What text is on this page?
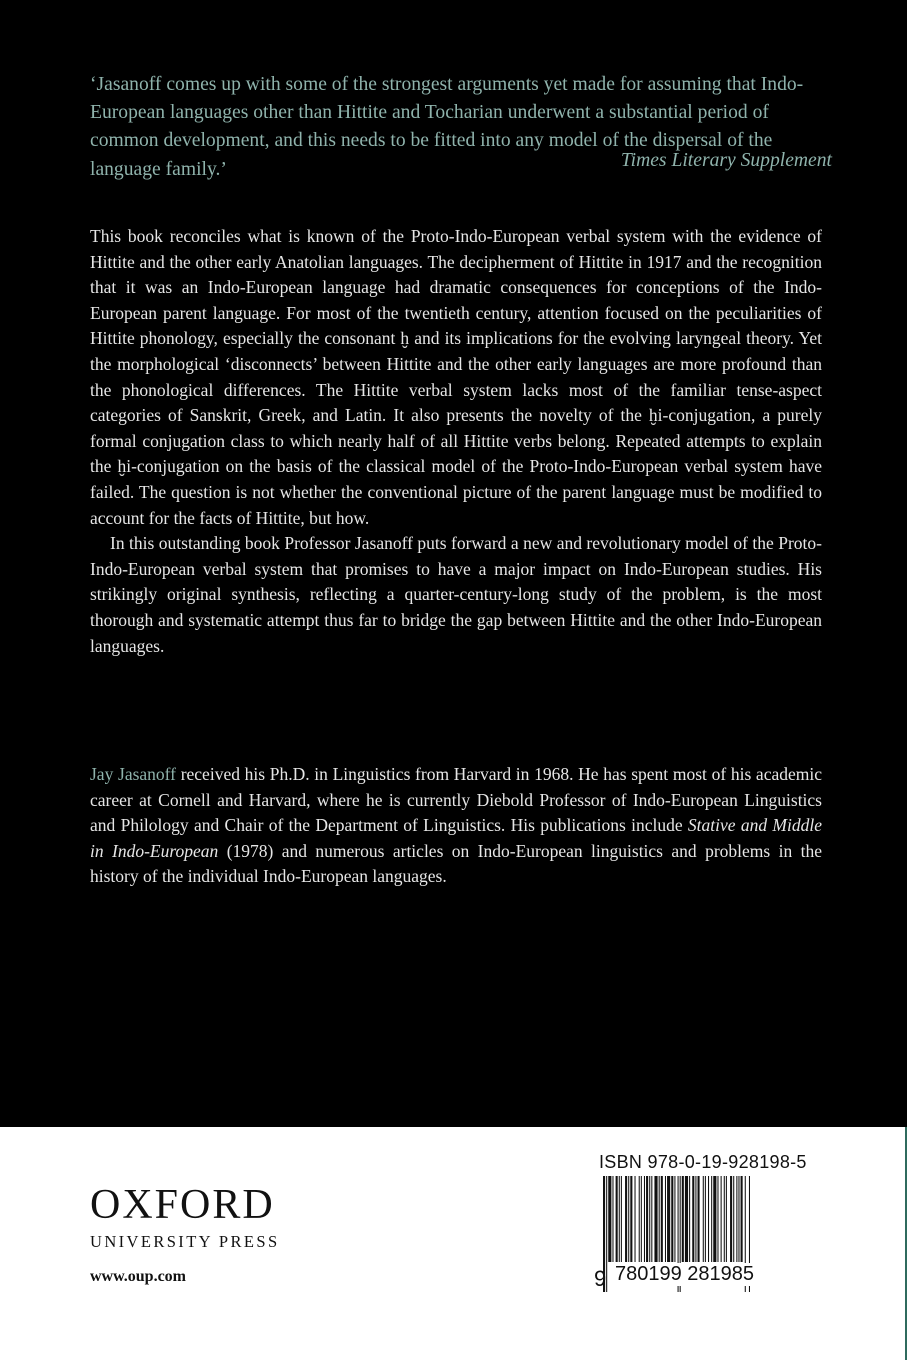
‘Jasanoff comes up with some of the strongest arguments yet made for assuming that Indo-European languages other than Hittite and Tocharian underwent a substantial period of common development, and this needs to be fitted into any model of the dispersal of the language family.’	Times Literary Supplement

This book reconciles what is known of the Proto-Indo-European verbal system with the evidence of Hittite and the other early Anatolian languages. The decipherment of Hittite in 1917 and the recognition that it was an Indo-European language had dramatic consequences for conceptions of the Indo-European parent language. For most of the twentieth century, attention focused on the peculiarities of Hittite phonology, especially the consonant ḫ and its implications for the evolving laryngeal theory. Yet the morphological ‘disconnects’ between Hittite and the other early languages are more profound than the phonological differences. The Hittite verbal system lacks most of the familiar tense-aspect categories of Sanskrit, Greek, and Latin. It also presents the novelty of the ḫi-conjugation, a purely formal conjugation class to which nearly half of all Hittite verbs belong. Repeated attempts to explain the ḫi-conjugation on the basis of the classical model of the Proto-Indo-European verbal system have failed. The question is not whether the conventional picture of the parent language must be modified to account for the facts of Hittite, but how.

In this outstanding book Professor Jasanoff puts forward a new and revolutionary model of the Proto-Indo-European verbal system that promises to have a major impact on Indo-European studies. His strikingly original synthesis, reflecting a quarter-century-long study of the problem, is the most thorough and systematic attempt thus far to bridge the gap between Hittite and the other Indo-European languages.

Jay Jasanoff received his Ph.D. in Linguistics from Harvard in 1968. He has spent most of his academic career at Cornell and Harvard, where he is currently Diebold Professor of Indo-European Linguistics and Philology and Chair of the Department of Linguistics. His publications include Stative and Middle in Indo-European (1978) and numerous articles on Indo-European linguistics and problems in the history of the individual Indo-European languages.
OXFORD
UNIVERSITY PRESS
www.oup.com
ISBN 978-0-19-928198-5
9 780199 281985
